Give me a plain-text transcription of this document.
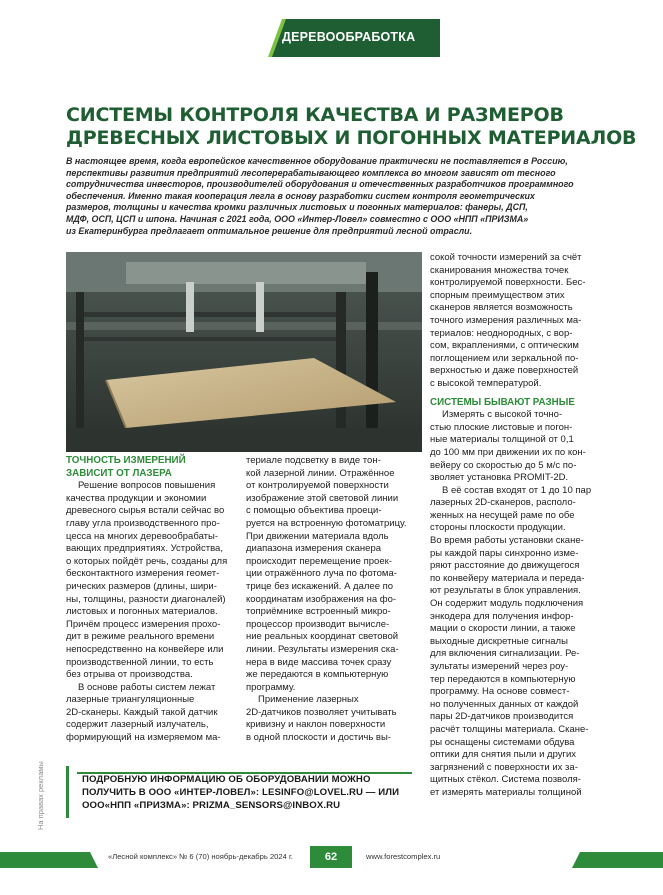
ДЕРЕВООБРАБОТКА
СИСТЕМЫ КОНТРОЛЯ КАЧЕСТВА И РАЗМЕРОВ
ДРЕВЕСНЫХ ЛИСТОВЫХ И ПОГОННЫХ МАТЕРИАЛОВ
В настоящее время, когда европейское качественное оборудование практически не поставляется в Россию,
перспективы развития предприятий лесоперерабатывающего комплекса во многом зависят от тесного
сотрудничества инвесторов, производителей оборудования и отечественных разработчиков программного
обеспечения. Именно такая кооперация легла в основу разработки систем контроля геометрических
размеров, толщины и качества кромки различных листовых и погонных материалов: фанеры, ДСП,
МДФ, ОСП, ЦСП и шпона. Начиная с 2021 года, ООО «Интер-Ловел» совместно с ООО «НПП «ПРИЗМА»
из Екатеринбурга предлагает оптимальное решение для предприятий лесной отрасли.
ТОЧНОСТЬ ИЗМЕРЕНИЙ
ЗАВИСИТ ОТ ЛАЗЕРА
Решение вопросов повышения
качества продукции и экономии
древесного сырья встали сейчас во
главу угла производственного про-
цесса на многих деревообрабаты-
вающих предприятиях. Устройства,
о которых пойдёт речь, созданы для
бесконтактного измерения геомет-
рических размеров (длины, шири-
ны, толщины, разности диагоналей)
листовых и погонных материалов.
Причём процесс измерения прохо-
дит в режиме реального времени
непосредственно на конвейере или
производственной линии, то есть
без отрыва от производства.
В основе работы систем лежат
лазерные триангуляционные
2D-сканеры. Каждый такой датчик
содержит лазерный излучатель,
формирующий на измеряемом ма-
териале подсветку в виде тон-
кой лазерной линии. Отражённое
от контролируемой поверхности
изображение этой световой линии
с помощью объектива проеци-
руется на встроенную фотоматрицу.
При движении материала вдоль
диапазона измерения сканера
происходит перемещение проек-
ции отражённого луча по фотома-
трице без искажений. А далее по
координатам изображения на фо-
топриёмнике встроенный микро-
процессор производит вычисле-
ние реальных координат световой
линии. Результаты измерения ска-
нера в виде массива точек сразу
же передаются в компьютерную
программу.
Применение лазерных
2D-датчиков позволяет учитывать
кривизну и наклон поверхности
в одной плоскости и достичь вы-
сокой точности измерений за счёт
сканирования множества точек
контролируемой поверхности. Бес-
спорным преимуществом этих
сканеров является возможность
точного измерения различных ма-
териалов: неоднородных, с вор-
сом, вкраплениями, с оптическим
поглощением или зеркальной по-
верхностью и даже поверхностей
с высокой температурой.
СИСТЕМЫ БЫВАЮТ РАЗНЫЕ
Измерять с высокой точно-
стью плоские листовые и погон-
ные материалы толщиной от 0,1
до 100 мм при движении их по кон-
вейеру со скоростью до 5 м/с по-
зволяет установка PROMIT-2D.
В её состав входят от 1 до 10 пар
лазерных 2D-сканеров, располо-
женных на несущей раме по обе
стороны плоскости продукции.
Во время работы установки скане-
ры каждой пары синхронно изме-
ряют расстояние до движущегося
по конвейеру материала и переда-
ют результаты в блок управления.
Он содержит модуль подключения
энкодера для получения инфор-
мации о скорости линии, а также
выходные дискретные сигналы
для включения сигнализации. Ре-
зультаты измерений через роу-
тер передаются в компьютерную
программу. На основе совмест-
но полученных данных от каждой
пары 2D-датчиков производится
расчёт толщины материала. Скане-
ры оснащены системами обдува
оптики для снятия пыли и других
загрязнений с поверхности их за-
щитных стёкол. Система позволя-
ет измерять материалы толщиной
ПОДРОБНУЮ ИНФОРМАЦИЮ ОБ ОБОРУДОВАНИИ МОЖНО
ПОЛУЧИТЬ В ООО «ИНТЕР-ЛОВЕЛ»: LESINFO@LOVEL.RU — ИЛИ
ООО«НПП «ПРИЗМА»: PRIZMA_SENSORS@INBOX.RU
На правах рекламы
«Лесной комплекс» № 6 (70) ноябрь-декабрь 2024 г.	62	www.forestcomplex.ru
